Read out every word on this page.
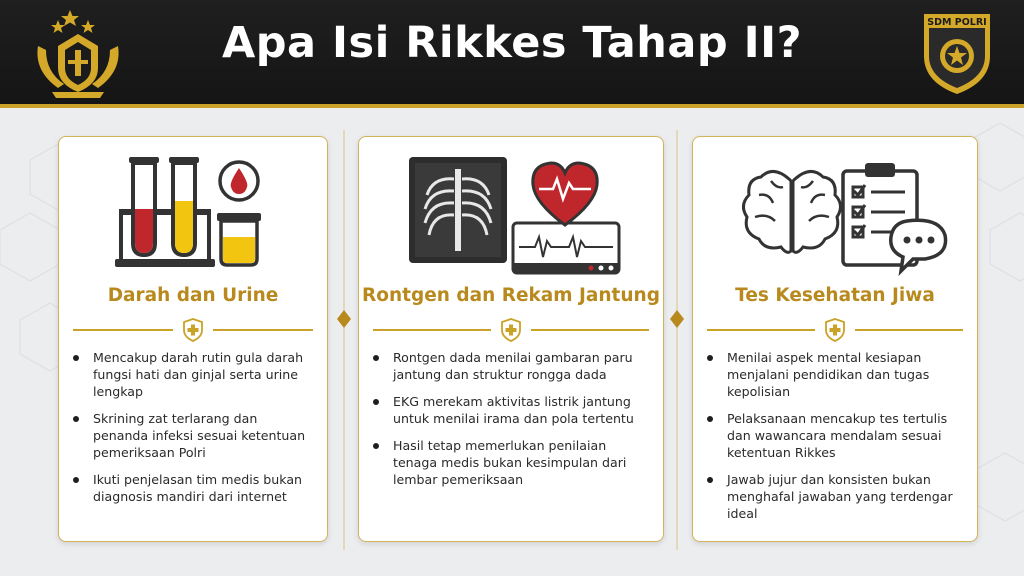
Apa Isi Rikkes Tahap II?	SDM POLRI
Darah dan Urine
Mencakup darah rutin gula darah fungsi hati dan ginjal serta urine lengkap
Skrining zat terlarang dan penanda infeksi sesuai ketentuan pemeriksaan Polri
Ikuti penjelasan tim medis bukan diagnosis mandiri dari internet
Rontgen dan Rekam Jantung
Rontgen dada menilai gambaran paru jantung dan struktur rongga dada
EKG merekam aktivitas listrik jantung untuk menilai irama dan pola tertentu
Hasil tetap memerlukan penilaian tenaga medis bukan kesimpulan dari lembar pemeriksaan
Tes Kesehatan Jiwa
Menilai aspek mental kesiapan menjalani pendidikan dan tugas kepolisian
Pelaksanaan mencakup tes tertulis dan wawancara mendalam sesuai ketentuan Rikkes
Jawab jujur dan konsisten bukan menghafal jawaban yang terdengar ideal
